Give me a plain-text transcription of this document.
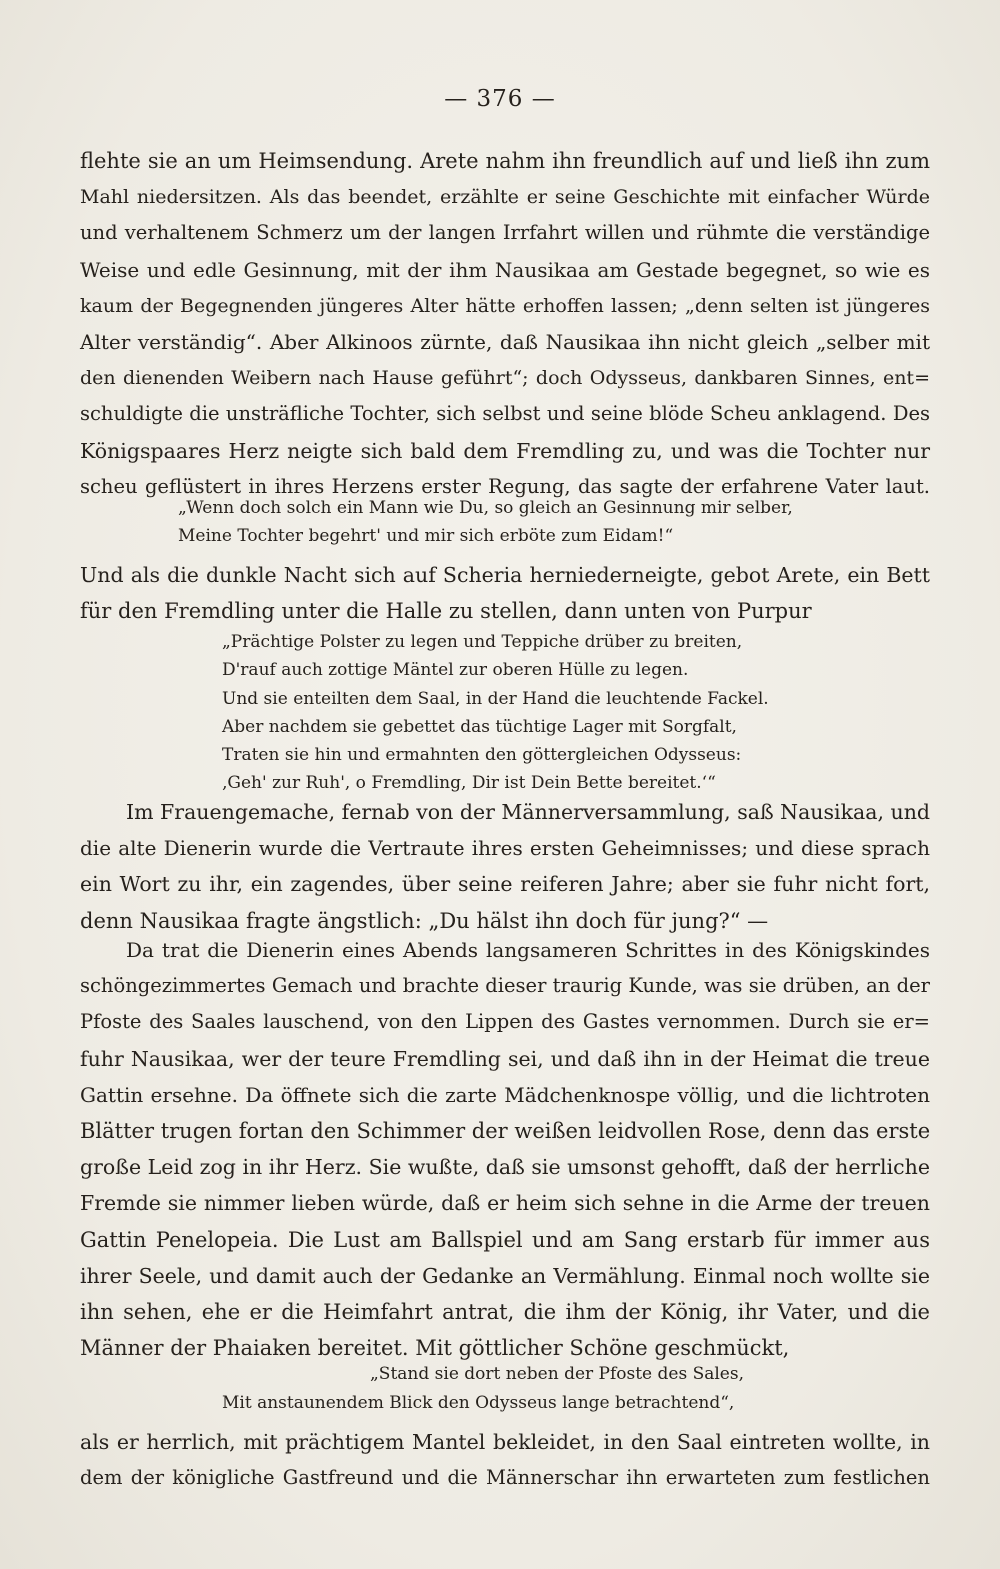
— 376 —
flehte sie an um Heimsendung. Arete nahm ihn freundlich auf und ließ ihn zum
Mahl niedersitzen. Als das beendet, erzählte er seine Geschichte mit einfacher Würde
und verhaltenem Schmerz um der langen Irrfahrt willen und rühmte die verständige
Weise und edle Gesinnung, mit der ihm Nausikaa am Gestade begegnet, so wie es
kaum der Begegnenden jüngeres Alter hätte erhoffen lassen; „denn selten ist jüngeres
Alter verständig“. Aber Alkinoos zürnte, daß Nausikaa ihn nicht gleich „selber mit
den dienenden Weibern nach Hause geführt“; doch Odysseus, dankbaren Sinnes, ent=
schuldigte die unsträfliche Tochter, sich selbst und seine blöde Scheu anklagend. Des
Königspaares Herz neigte sich bald dem Fremdling zu, und was die Tochter nur
scheu geflüstert in ihres Herzens erster Regung, das sagte der erfahrene Vater laut.
„Wenn doch solch ein Mann wie Du, so gleich an Gesinnung mir selber,
Meine Tochter begehrt' und mir sich erböte zum Eidam!“
Und als die dunkle Nacht sich auf Scheria herniederneigte, gebot Arete, ein Bett
für den Fremdling unter die Halle zu stellen, dann unten von Purpur
„Prächtige Polster zu legen und Teppiche drüber zu breiten,
D'rauf auch zottige Mäntel zur oberen Hülle zu legen.
Und sie enteilten dem Saal, in der Hand die leuchtende Fackel.
Aber nachdem sie gebettet das tüchtige Lager mit Sorgfalt,
Traten sie hin und ermahnten den göttergleichen Odysseus:
‚Geh' zur Ruh', o Fremdling, Dir ist Dein Bette bereitet.‘“
Im Frauengemache, fernab von der Männerversammlung, saß Nausikaa, und
die alte Dienerin wurde die Vertraute ihres ersten Geheimnisses; und diese sprach
ein Wort zu ihr, ein zagendes, über seine reiferen Jahre; aber sie fuhr nicht fort,
denn Nausikaa fragte ängstlich: „Du hälst ihn doch für jung?“ —
Da trat die Dienerin eines Abends langsameren Schrittes in des Königskindes
schöngezimmertes Gemach und brachte dieser traurig Kunde, was sie drüben, an der
Pfoste des Saales lauschend, von den Lippen des Gastes vernommen. Durch sie er=
fuhr Nausikaa, wer der teure Fremdling sei, und daß ihn in der Heimat die treue
Gattin ersehne. Da öffnete sich die zarte Mädchenknospe völlig, und die lichtroten
Blätter trugen fortan den Schimmer der weißen leidvollen Rose, denn das erste
große Leid zog in ihr Herz. Sie wußte, daß sie umsonst gehofft, daß der herrliche
Fremde sie nimmer lieben würde, daß er heim sich sehne in die Arme der treuen
Gattin Penelopeia. Die Lust am Ballspiel und am Sang erstarb für immer aus
ihrer Seele, und damit auch der Gedanke an Vermählung. Einmal noch wollte sie
ihn sehen, ehe er die Heimfahrt antrat, die ihm der König, ihr Vater, und die
Männer der Phaiaken bereitet. Mit göttlicher Schöne geschmückt,
„Stand sie dort neben der Pfoste des Sales,
Mit anstaunendem Blick den Odysseus lange betrachtend“,
als er herrlich, mit prächtigem Mantel bekleidet, in den Saal eintreten wollte, in
dem der königliche Gastfreund und die Männerschar ihn erwarteten zum festlichen
